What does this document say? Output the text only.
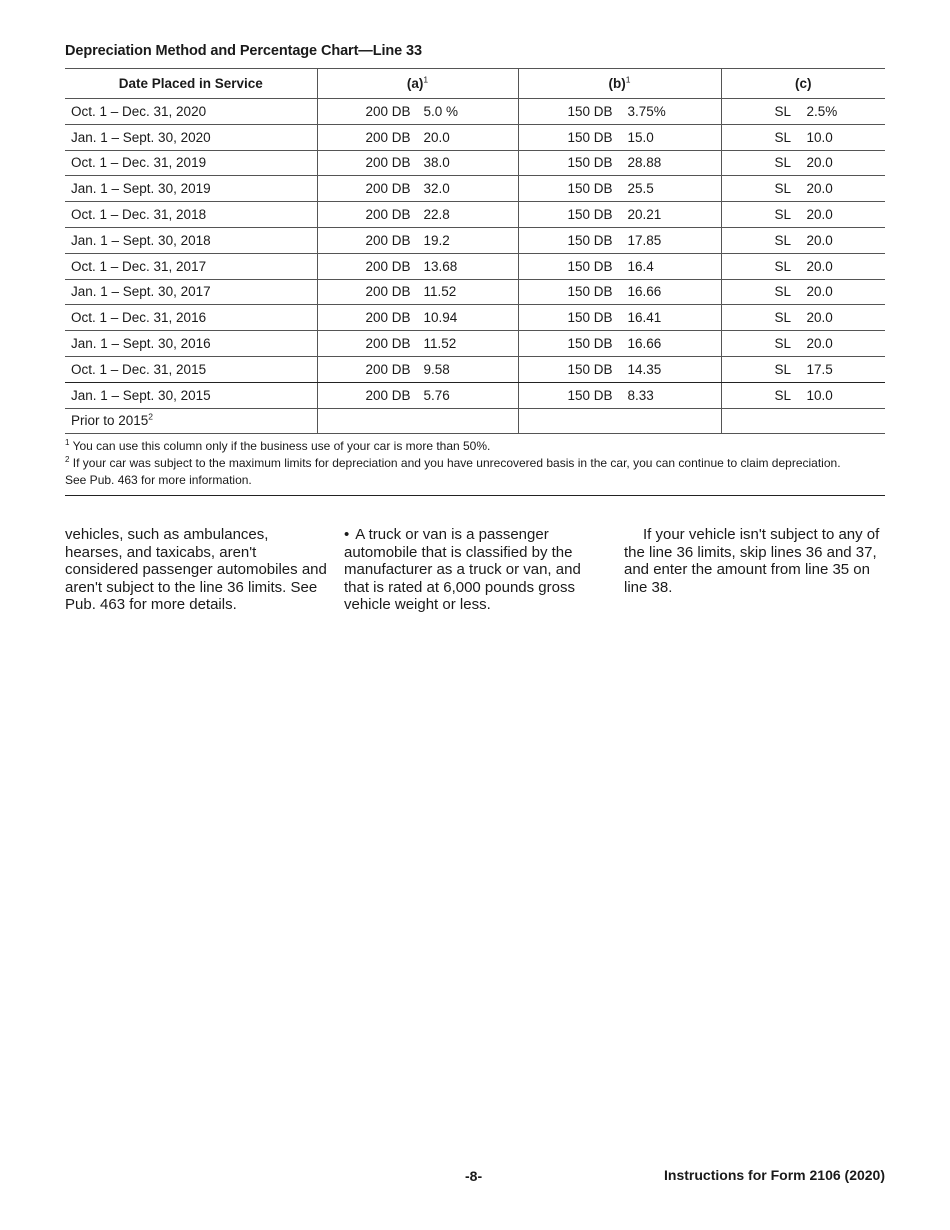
Depreciation Method and Percentage Chart—Line 33
Date Placed in Service	$(a)^1$	$(b)^1$	(c)
Oct. 1 – Dec. 31, 2020	200 DB 5.0 %	150 DB 3.75%	SL 2.5%
Jan. 1 – Sept. 30, 2020	200 DB 20.0	150 DB 15.0	SL 10.0
Oct. 1 – Dec. 31, 2019	200 DB 38.0	150 DB 28.88	SL 20.0
Jan. 1 – Sept. 30, 2019	200 DB 32.0	150 DB 25.5	SL 20.0
Oct. 1 – Dec. 31, 2018	200 DB 22.8	150 DB 20.21	SL 20.0
Jan. 1 – Sept. 30, 2018	200 DB 19.2	150 DB 17.85	SL 20.0
Oct. 1 – Dec. 31, 2017	200 DB 13.68	150 DB 16.4	SL 20.0
Jan. 1 – Sept. 30, 2017	200 DB 11.52	150 DB 16.66	SL 20.0
Oct. 1 – Dec. 31, 2016	200 DB 10.94	150 DB 16.41	SL 20.0
Jan. 1 – Sept. 30, 2016	200 DB 11.52	150 DB 16.66	SL 20.0
Oct. 1 – Dec. 31, 2015	200 DB 9.58	150 DB 14.35	SL 17.5
Jan. 1 – Sept. 30, 2015	200 DB 5.76	150 DB 8.33	SL 10.0
Prior to 2015$^2$			

$^1$ You can use this column only if the business use of your car is more than 50%.

$^2$ If your car was subject to the maximum limits for depreciation and you have unrecovered basis in the car, you can continue to claim depreciation.

See Pub. 463 for more information.

vehicles, such as ambulances, hearses, and taxicabs, aren't considered passenger automobiles and aren't subject to the line 36 limits. See Pub. 463 for more details.

• A truck or van is a passenger automobile that is classified by the manufacturer as a truck or van, and that is rated at 6,000 pounds gross vehicle weight or less.

If your vehicle isn't subject to any of the line 36 limits, skip lines 36 and 37, and enter the amount from line 35 on line 38.

-8-	Instructions for Form 2106 (2020)
